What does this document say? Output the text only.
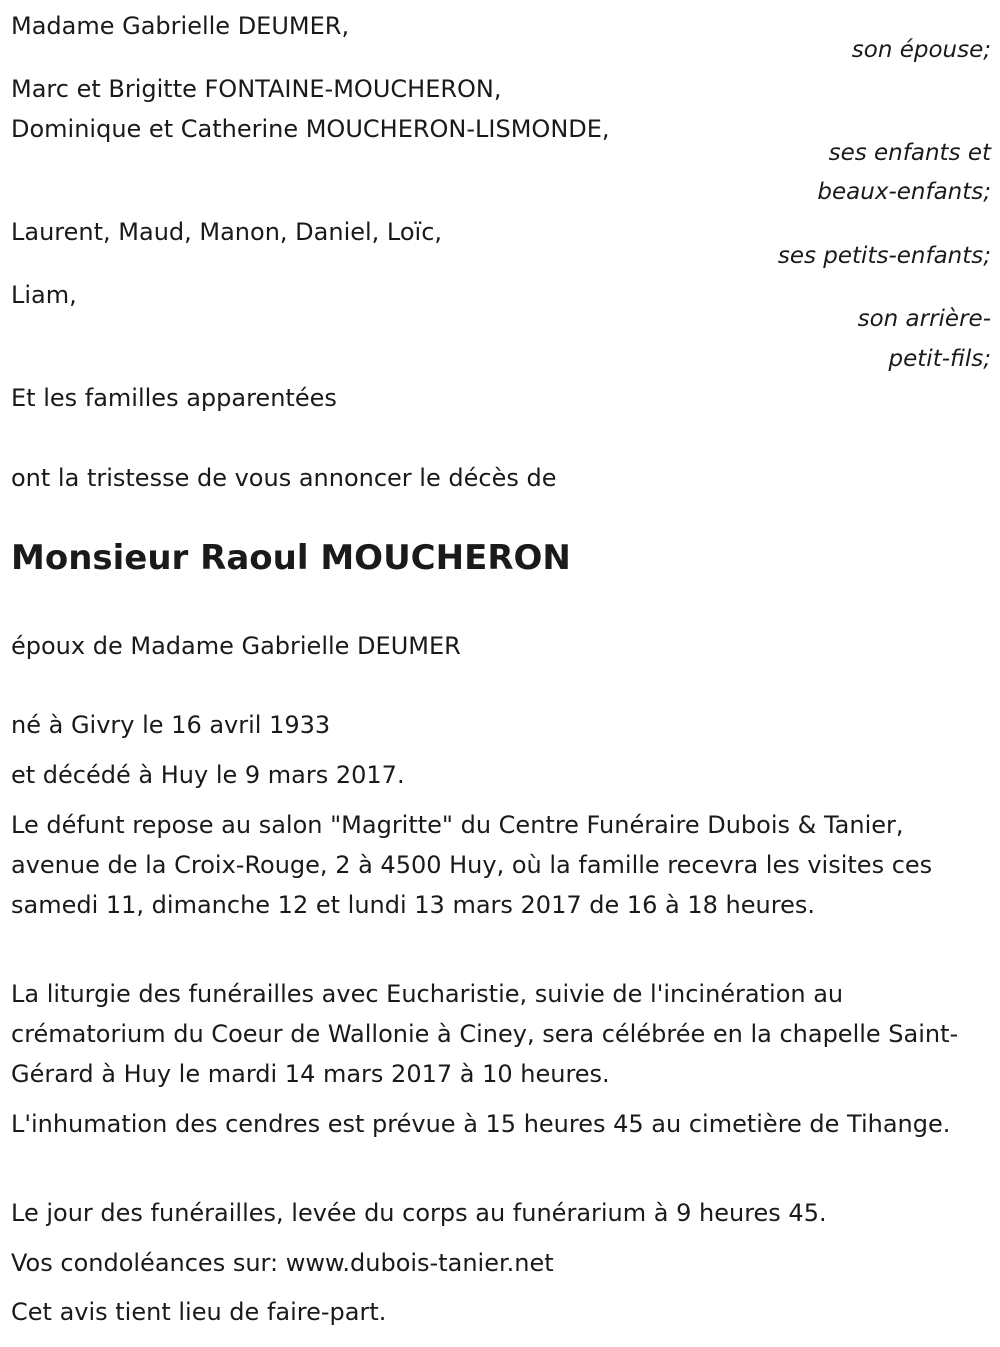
Madame Gabrielle DEUMER,
son épouse;
Marc et Brigitte FONTAINE-MOUCHERON,
Dominique et Catherine MOUCHERON-LISMONDE,
ses enfants et
beaux-enfants;
Laurent, Maud, Manon, Daniel, Loïc,
ses petits-enfants;
Liam,
son arrière-
petit-fils;
Et les familles apparentées
ont la tristesse de vous annoncer le décès de
Monsieur Raoul MOUCHERON
époux de Madame Gabrielle DEUMER
né à Givry le 16 avril 1933
et décédé à Huy le 9 mars 2017.
Le défunt repose au salon "Magritte" du Centre Funéraire Dubois & Tanier, avenue de la Croix-Rouge, 2 à 4500 Huy, où la famille recevra les visites ces samedi 11, dimanche 12 et lundi 13 mars 2017 de 16 à 18 heures.
La liturgie des funérailles avec Eucharistie, suivie de l'incinération au crématorium du Coeur de Wallonie à Ciney, sera célébrée en la chapelle Saint-Gérard à Huy le mardi 14 mars 2017 à 10 heures.
L'inhumation des cendres est prévue à 15 heures 45 au cimetière de Tihange.
Le jour des funérailles, levée du corps au funérarium à 9 heures 45.
Vos condoléances sur: www.dubois-tanier.net
Cet avis tient lieu de faire-part.
